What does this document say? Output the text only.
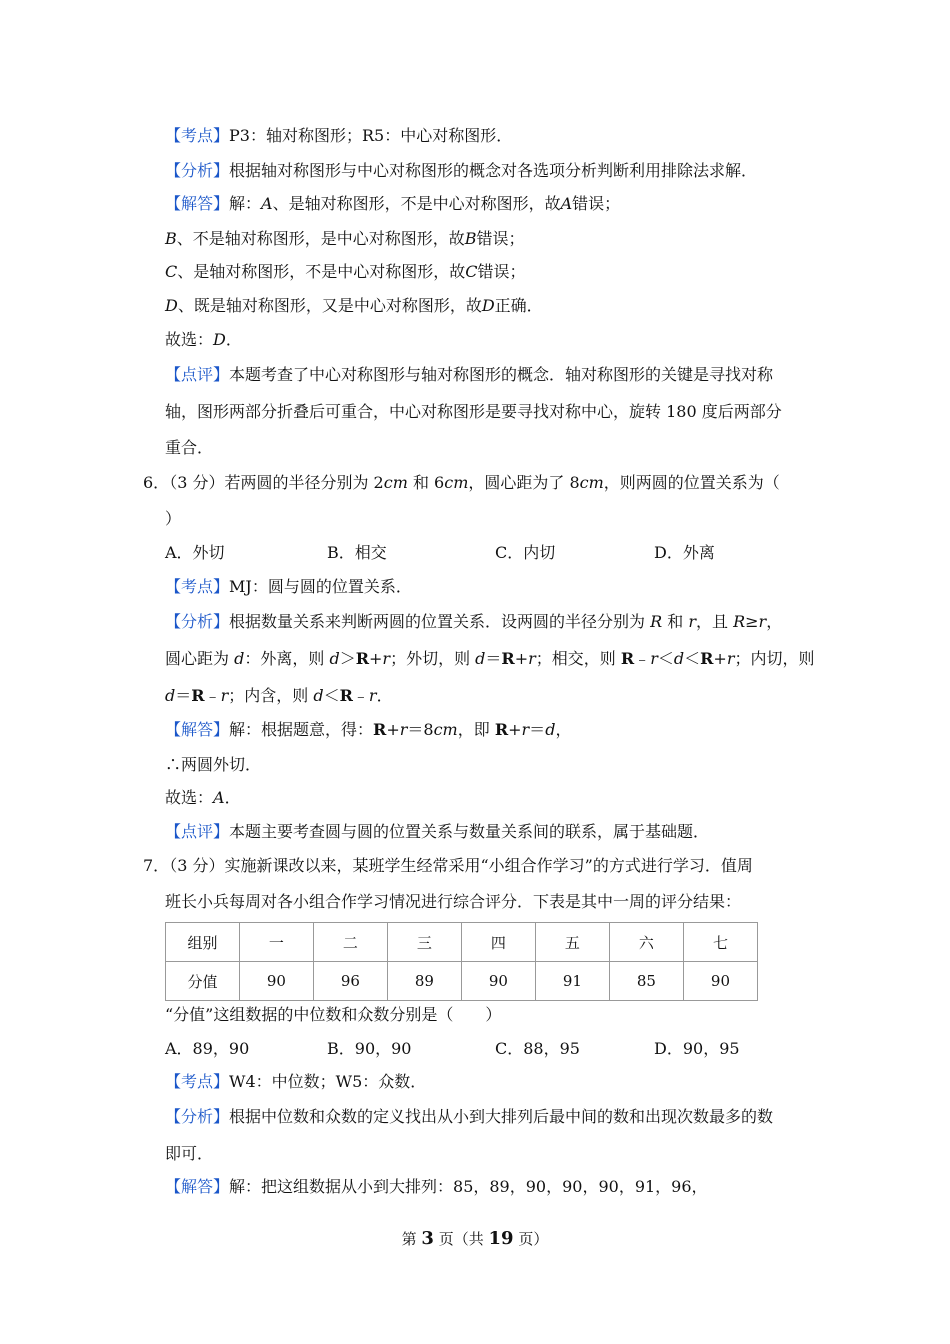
【考点】P3：轴对称图形；R5：中心对称图形．
【分析】根据轴对称图形与中心对称图形的概念对各选项分析判断利用排除法求解．
【解答】解：A、是轴对称图形，不是中心对称图形，故A错误；
B、不是轴对称图形，是中心对称图形，故B错误；
C、是轴对称图形，不是中心对称图形，故C错误；
D、既是轴对称图形，又是中心对称图形，故D正确．
故选：D．
【点评】本题考查了中心对称图形与轴对称图形的概念．轴对称图形的关键是寻找对称
轴，图形两部分折叠后可重合，中心对称图形是要寻找对称中心，旋转 180 度后两部分
重合．
6．（3 分）若两圆的半径分别为 2cm 和 6cm，圆心距为了 8cm，则两圆的位置关系为（
）
A．外切	B．相交	C．内切	D．外离
【考点】MJ：圆与圆的位置关系．
【分析】根据数量关系来判断两圆的位置关系．设两圆的半径分别为 R 和 r，且 R≥r，
圆心距为 d：外离，则 d＞R+r；外切，则 d＝R+r；相交，则 R﹣r＜d＜R+r；内切，则
d＝R﹣r；内含，则 d＜R﹣r．
【解答】解：根据题意，得：R+r＝8cm，即 R+r＝d，
∴两圆外切．
故选：A．
【点评】本题主要考查圆与圆的位置关系与数量关系间的联系，属于基础题．
7．（3 分）实施新课改以来，某班学生经常采用“小组合作学习”的方式进行学习．值周
班长小兵每周对各小组合作学习情况进行综合评分．下表是其中一周的评分结果：
组别	一	二	三	四	五	六	七
分值	90	96	89	90	91	85	90
“分值”这组数据的中位数和众数分别是（　　）
A．89，90	B．90，90	C．88，95	D．90，95
【考点】W4：中位数；W5：众数．
【分析】根据中位数和众数的定义找出从小到大排列后最中间的数和出现次数最多的数
即可．
【解答】解：把这组数据从小到大排列：85，89，90，90，90，91，96，
第 3 页（共 19 页）
